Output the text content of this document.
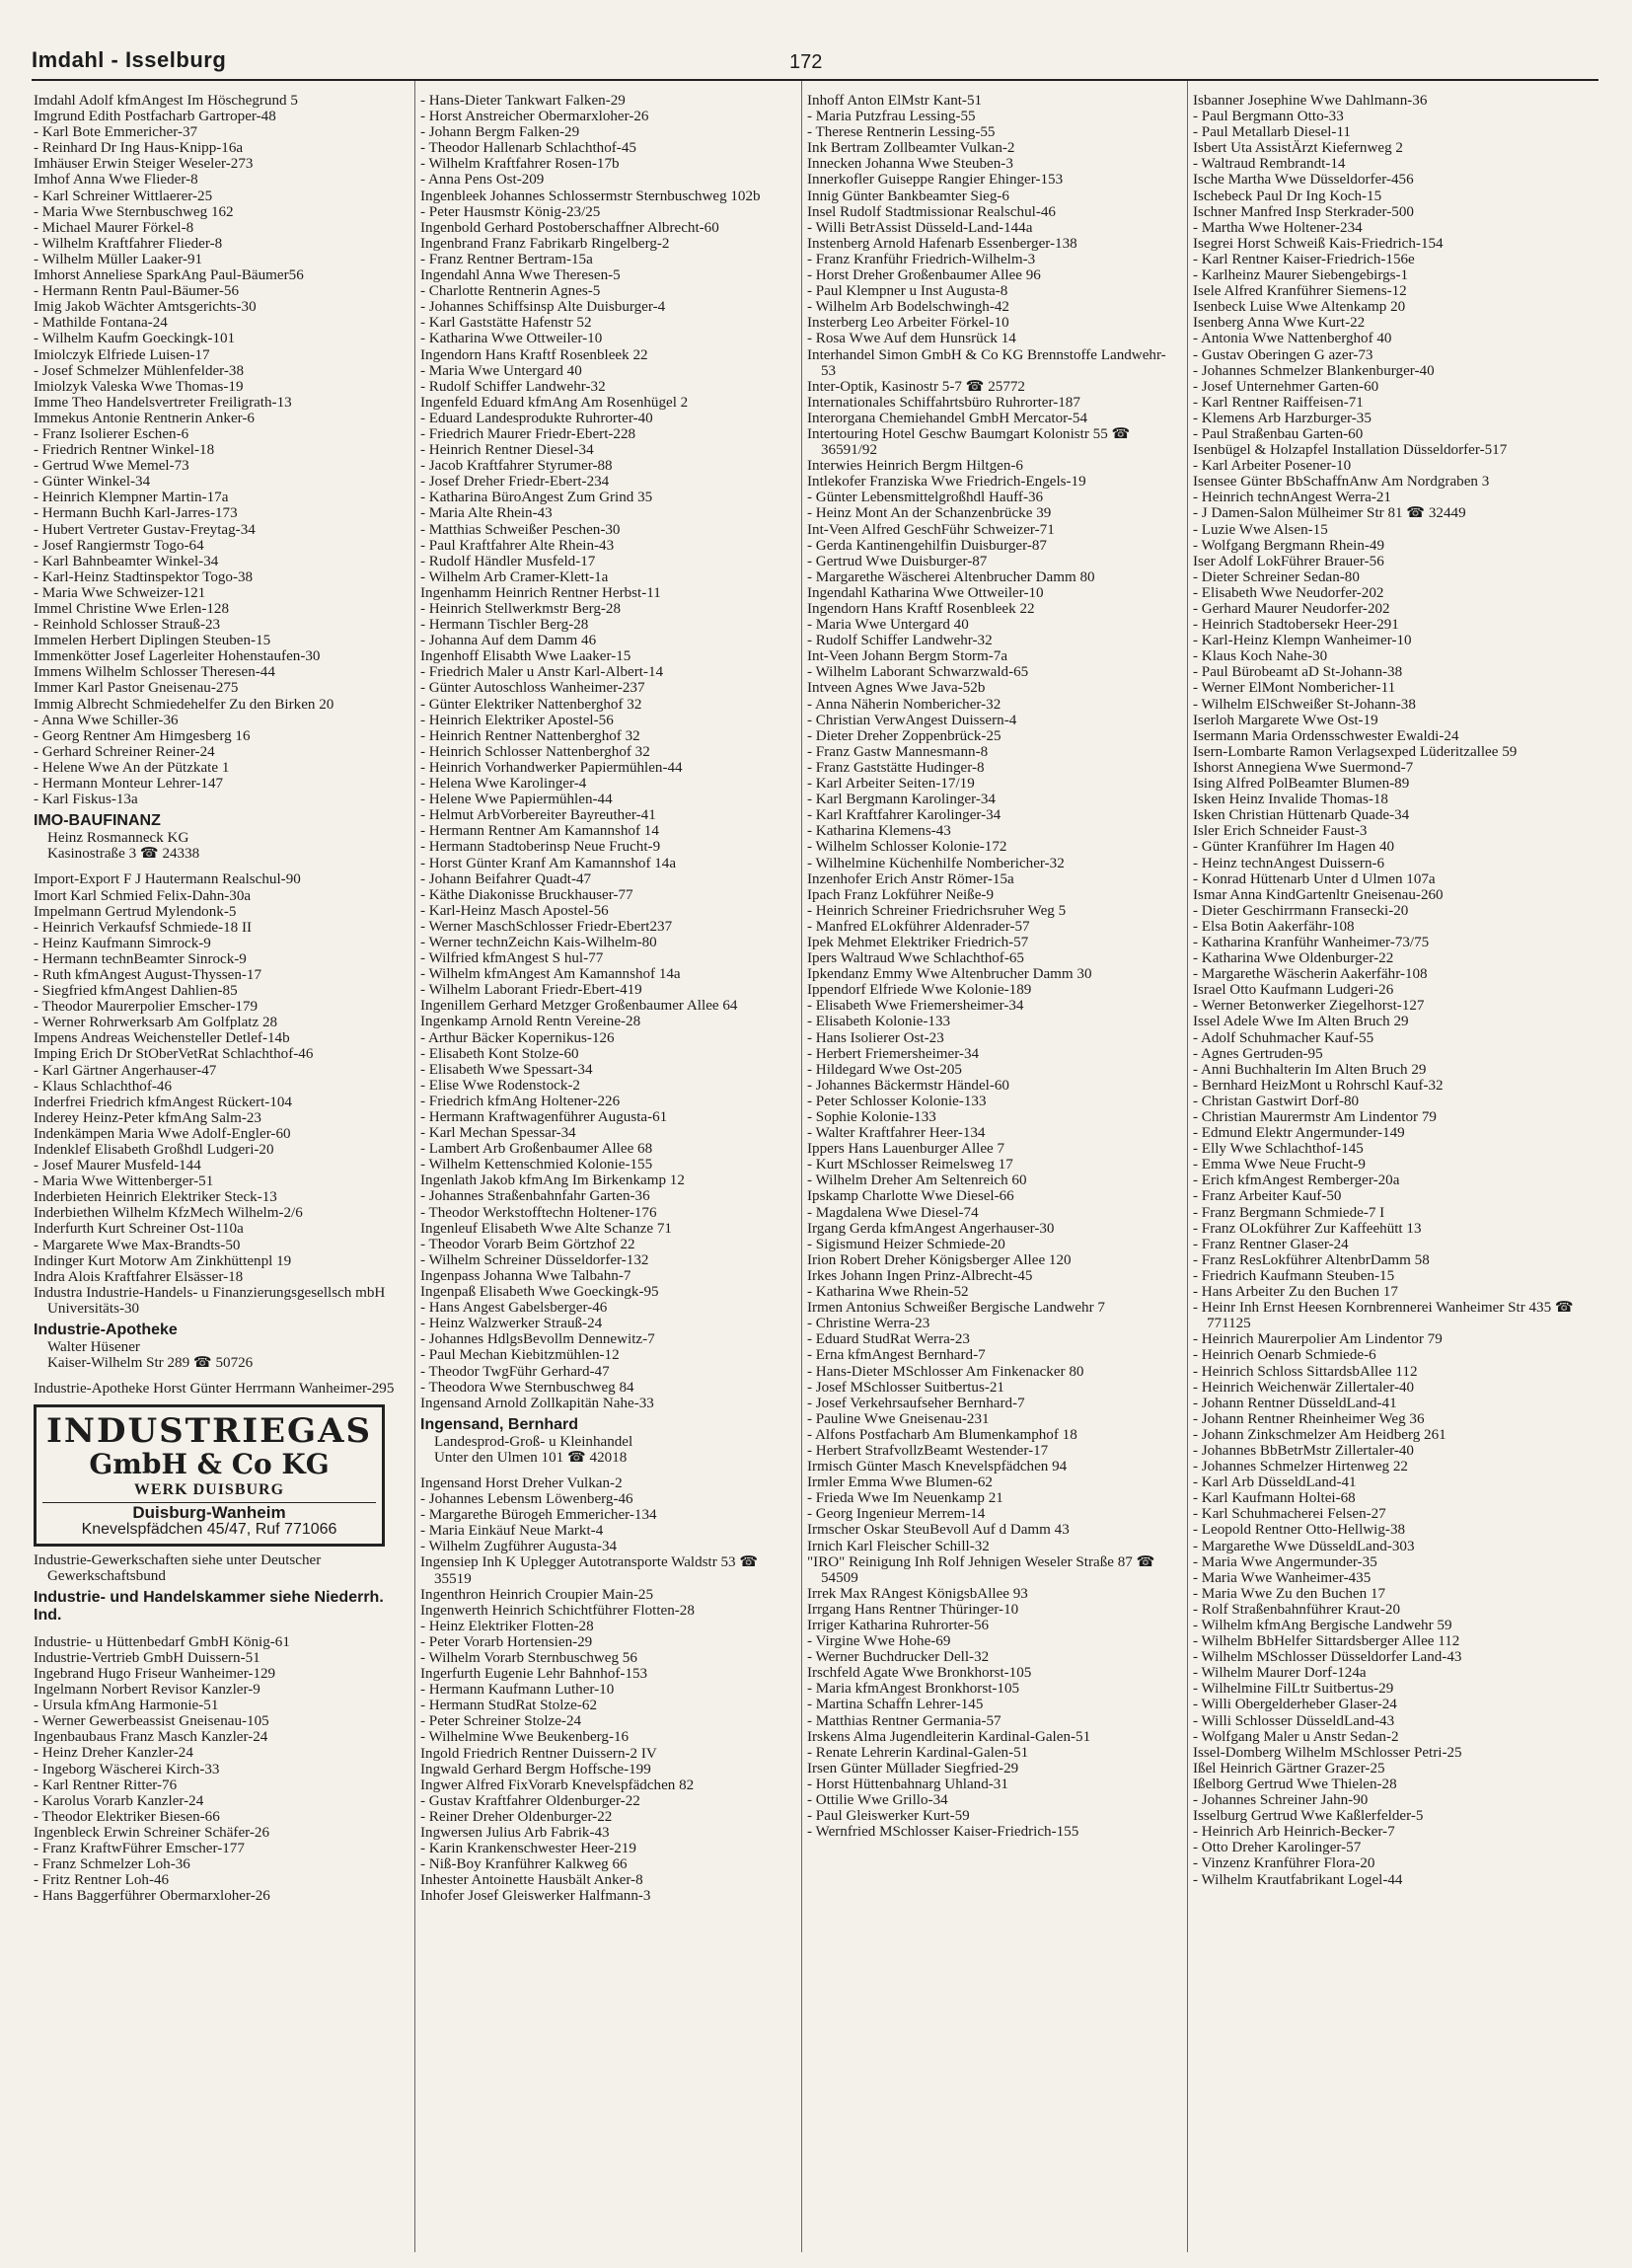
Imdahl - Isselburg	172

Imdahl Adolf kfmAngest Im Höschegrund 5

Imgrund Edith Postfacharb Gartroper-48

- Karl Bote Emmericher-37

- Reinhard Dr Ing Haus-Knipp-16a

Imhäuser Erwin Steiger Weseler-273

Imhof Anna Wwe Flieder-8

- Karl Schreiner Wittlaerer-25

- Maria Wwe Sternbuschweg 162

- Michael Maurer Förkel-8

- Wilhelm Kraftfahrer Flieder-8

- Wilhelm Müller Laaker-91

Imhorst Anneliese SparkAng Paul-Bäumer56

- Hermann Rentn Paul-Bäumer-56

Imig Jakob Wächter Amtsgerichts-30

- Mathilde Fontana-24

- Wilhelm Kaufm Goeckingk-101

Imiolczyk Elfriede Luisen-17

- Josef Schmelzer Mühlenfelder-38

Imiolzyk Valeska Wwe Thomas-19

Imme Theo Handelsvertreter Freiligrath-13

Immekus Antonie Rentnerin Anker-6

- Franz Isolierer Eschen-6

- Friedrich Rentner Winkel-18

- Gertrud Wwe Memel-73

- Günter Winkel-34

- Heinrich Klempner Martin-17a

- Hermann Buchh Karl-Jarres-173

- Hubert Vertreter Gustav-Freytag-34

- Josef Rangiermstr Togo-64

- Karl Bahnbeamter Winkel-34

- Karl-Heinz Stadtinspektor Togo-38

- Maria Wwe Schweizer-121

Immel Christine Wwe Erlen-128

- Reinhold Schlosser Strauß-23

Immelen Herbert Diplingen Steuben-15

Immenkötter Josef Lagerleiter Hohenstaufen-30

Immens Wilhelm Schlosser Theresen-44

Immer Karl Pastor Gneisenau-275

Immig Albrecht Schmiedehelfer Zu den Birken 20

- Anna Wwe Schiller-36

- Georg Rentner Am Himgesberg 16

- Gerhard Schreiner Reiner-24

- Helene Wwe An der Pützkate 1

- Hermann Monteur Lehrer-147

- Karl Fiskus-13a

IMO-BAUFINANZ

Heinz Rosmanneck KG

Kasinostraße 3 ☎ 24338

Import-Export F J Hautermann Realschul-90

Imort Karl Schmied Felix-Dahn-30a

Impelmann Gertrud Mylendonk-5

- Heinrich Verkaufsf Schmiede-18 II

- Heinz Kaufmann Simrock-9

- Hermann technBeamter Sinrock-9

- Ruth kfmAngest August-Thyssen-17

- Siegfried kfmAngest Dahlien-85

- Theodor Maurerpolier Emscher-179

- Werner Rohrwerksarb Am Golfplatz 28

Impens Andreas Weichensteller Detlef-14b

Imping Erich Dr StOberVetRat Schlachthof-46

- Karl Gärtner Angerhauser-47

- Klaus Schlachthof-46

Inderfrei Friedrich kfmAngest Rückert-104

Inderey Heinz-Peter kfmAng Salm-23

Indenkämpen Maria Wwe Adolf-Engler-60

Indenklef Elisabeth Großhdl Ludgeri-20

- Josef Maurer Musfeld-144

- Maria Wwe Wittenberger-51

Inderbieten Heinrich Elektriker Steck-13

Inderbiethen Wilhelm KfzMech Wilhelm-2/6

Inderfurth Kurt Schreiner Ost-110a

- Margarete Wwe Max-Brandts-50

Indinger Kurt Motorw Am Zinkhüttenpl 19

Indra Alois Kraftfahrer Elsässer-18

Industra Industrie-Handels- u Finanzierungsgesellsch mbH Universitäts-30

Industrie-Apotheke

Walter Hüsener

Kaiser-Wilhelm Str 289 ☎ 50726

Industrie-Apotheke Horst Günter Herrmann Wanheimer-295

INDUSTRIEGAS
GmbH & Co KG
WERK DUISBURG
Duisburg-Wanheim
Knevelspfädchen 45/47, Ruf 771066

Industrie-Gewerkschaften siehe unter Deutscher Gewerkschaftsbund

Industrie- und Handelskammer siehe Niederrh. Ind.

Industrie- u Hüttenbedarf GmbH König-61

Industrie-Vertrieb GmbH Duissern-51

Ingebrand Hugo Friseur Wanheimer-129

Ingelmann Norbert Revisor Kanzler-9

- Ursula kfmAng Harmonie-51

- Werner Gewerbeassist Gneisenau-105

Ingenbaubaus Franz Masch Kanzler-24

- Heinz Dreher Kanzler-24

- Ingeborg Wäscherei Kirch-33

- Karl Rentner Ritter-76

- Karolus Vorarb Kanzler-24

- Theodor Elektriker Biesen-66

Ingenbleck Erwin Schreiner Schäfer-26

- Franz KraftwFührer Emscher-177

- Franz Schmelzer Loh-36

- Fritz Rentner Loh-46

- Hans Baggerführer Obermarxloher-26

- Hans-Dieter Tankwart Falken-29

- Horst Anstreicher Obermarxloher-26

- Johann Bergm Falken-29

- Theodor Hallenarb Schlachthof-45

- Wilhelm Kraftfahrer Rosen-17b

- Anna Pens Ost-209

Ingenbleek Johannes Schlossermstr Sternbuschweg 102b

- Peter Hausmstr König-23/25

Ingenbold Gerhard Postoberschaffner Albrecht-60

Ingenbrand Franz Fabrikarb Ringelberg-2

- Franz Rentner Bertram-15a

Ingendahl Anna Wwe Theresen-5

- Charlotte Rentnerin Agnes-5

- Johannes Schiffsinsp Alte Duisburger-4

- Karl Gaststätte Hafenstr 52

- Katharina Wwe Ottweiler-10

Ingendorn Hans Kraftf Rosenbleek 22

- Maria Wwe Untergard 40

- Rudolf Schiffer Landwehr-32

Ingenfeld Eduard kfmAng Am Rosenhügel 2

- Eduard Landesprodukte Ruhrorter-40

- Friedrich Maurer Friedr-Ebert-228

- Heinrich Rentner Diesel-34

- Jacob Kraftfahrer Styrumer-88

- Josef Dreher Friedr-Ebert-234

- Katharina BüroAngest Zum Grind 35

- Maria Alte Rhein-43

- Matthias Schweißer Peschen-30

- Paul Kraftfahrer Alte Rhein-43

- Rudolf Händler Musfeld-17

- Wilhelm Arb Cramer-Klett-1a

Ingenhamm Heinrich Rentner Herbst-11

- Heinrich Stellwerkmstr Berg-28

- Hermann Tischler Berg-28

- Johanna Auf dem Damm 46

Ingenhoff Elisabth Wwe Laaker-15

- Friedrich Maler u Anstr Karl-Albert-14

- Günter Autoschloss Wanheimer-237

- Günter Elektriker Nattenberghof 32

- Heinrich Elektriker Apostel-56

- Heinrich Rentner Nattenberghof 32

- Heinrich Schlosser Nattenberghof 32

- Heinrich Vorhandwerker Papiermühlen-44

- Helena Wwe Karolinger-4

- Helene Wwe Papiermühlen-44

- Helmut ArbVorbereiter Bayreuther-41

- Hermann Rentner Am Kamannshof 14

- Hermann Stadtoberinsp Neue Frucht-9

- Horst Günter Kranf Am Kamannshof 14a

- Johann Beifahrer Quadt-47

- Käthe Diakonisse Bruckhauser-77

- Karl-Heinz Masch Apostel-56

- Werner MaschSchlosser Friedr-Ebert237

- Werner technZeichn Kais-Wilhelm-80

- Wilfried kfmAngest S hul-77

- Wilhelm kfmAngest Am Kamannshof 14a

- Wilhelm Laborant Friedr-Ebert-419

Ingenillem Gerhard Metzger Großenbaumer Allee 64

Ingenkamp Arnold Rentn Vereine-28

- Arthur Bäcker Kopernikus-126

- Elisabeth Kont Stolze-60

- Elisabeth Wwe Spessart-34

- Elise Wwe Rodenstock-2

- Friedrich kfmAng Holtener-226

- Hermann Kraftwagenführer Augusta-61

- Karl Mechan Spessar-34

- Lambert Arb Großenbaumer Allee 68

- Wilhelm Kettenschmied Kolonie-155

Ingenlath Jakob kfmAng Im Birkenkamp 12

- Johannes Straßenbahnfahr Garten-36

- Theodor Werkstofftechn Holtener-176

Ingenleuf Elisabeth Wwe Alte Schanze 71

- Theodor Vorarb Beim Görtzhof 22

- Wilhelm Schreiner Düsseldorfer-132

Ingenpass Johanna Wwe Talbahn-7

Ingenpaß Elisabeth Wwe Goeckingk-95

- Hans Angest Gabelsberger-46

- Heinz Walzwerker Strauß-24

- Johannes HdlgsBevollm Dennewitz-7

- Paul Mechan Kiebitzmühlen-12

- Theodor TwgFühr Gerhard-47

- Theodora Wwe Sternbuschweg 84

Ingensand Arnold Zollkapitän Nahe-33

Ingensand, Bernhard

Landesprod-Groß- u Kleinhandel

Unter den Ulmen 101 ☎ 42018

Ingensand Horst Dreher Vulkan-2

- Johannes Lebensm Löwenberg-46

- Margarethe Bürogeh Emmericher-134

- Maria Einkäuf Neue Markt-4

- Wilhelm Zugführer Augusta-34

Ingensiep Inh K Uplegger Autotransporte Waldstr 53 ☎ 35519

Ingenthron Heinrich Croupier Main-25

Ingenwerth Heinrich Schichtführer Flotten-28

- Heinz Elektriker Flotten-28

- Peter Vorarb Hortensien-29

- Wilhelm Vorarb Sternbuschweg 56

Ingerfurth Eugenie Lehr Bahnhof-153

- Hermann Kaufmann Luther-10

- Hermann StudRat Stolze-62

- Peter Schreiner Stolze-24

- Wilhelmine Wwe Beukenberg-16

Ingold Friedrich Rentner Duissern-2 IV

Ingwald Gerhard Bergm Hoffsche-199

Ingwer Alfred FixVorarb Knevelspfädchen 82

- Gustav Kraftfahrer Oldenburger-22

- Reiner Dreher Oldenburger-22

Ingwersen Julius Arb Fabrik-43

- Karin Krankenschwester Heer-219

- Niß-Boy Kranführer Kalkweg 66

Inhester Antoinette Hausbält Anker-8

Inhofer Josef Gleiswerker Halfmann-3

Inhoff Anton ElMstr Kant-51

- Maria Putzfrau Lessing-55

- Therese Rentnerin Lessing-55

Ink Bertram Zollbeamter Vulkan-2

Innecken Johanna Wwe Steuben-3

Innerkofler Guiseppe Rangier Ehinger-153

Innig Günter Bankbeamter Sieg-6

Insel Rudolf Stadtmissionar Realschul-46

- Willi BetrAssist Düsseld-Land-144a

Instenberg Arnold Hafenarb Essenberger-138

- Franz Kranführ Friedrich-Wilhelm-3

- Horst Dreher Großenbaumer Allee 96

- Paul Klempner u Inst Augusta-8

- Wilhelm Arb Bodelschwingh-42

Insterberg Leo Arbeiter Förkel-10

- Rosa Wwe Auf dem Hunsrück 14

Interhandel Simon GmbH & Co KG Brennstoffe Landwehr-53

Inter-Optik, Kasinostr 5-7 ☎ 25772

Internationales Schiffahrtsbüro Ruhrorter-187

Interorgana Chemiehandel GmbH Mercator-54

Intertouring Hotel Geschw Baumgart Kolonistr 55 ☎ 36591/92

Interwies Heinrich Bergm Hiltgen-6

Intlekofer Franziska Wwe Friedrich-Engels-19

- Günter Lebensmittelgroßhdl Hauff-36

- Heinz Mont An der Schanzenbrücke 39

Int-Veen Alfred GeschFühr Schweizer-71

- Gerda Kantinengehilfin Duisburger-87

- Gertrud Wwe Duisburger-87

- Margarethe Wäscherei Altenbrucher Damm 80

Ingendahl Katharina Wwe Ottweiler-10

Ingendorn Hans Kraftf Rosenbleek 22

- Maria Wwe Untergard 40

- Rudolf Schiffer Landwehr-32

Int-Veen Johann Bergm Storm-7a

- Wilhelm Laborant Schwarzwald-65

Intveen Agnes Wwe Java-52b

- Anna Näherin Nombericher-32

- Christian VerwAngest Duissern-4

- Dieter Dreher Zoppenbrück-25

- Franz Gastw Mannesmann-8

- Franz Gaststätte Hudinger-8

- Karl Arbeiter Seiten-17/19

- Karl Bergmann Karolinger-34

- Karl Kraftfahrer Karolinger-34

- Katharina Klemens-43

- Wilhelm Schlosser Kolonie-172

- Wilhelmine Küchenhilfe Nombericher-32

Inzenhofer Erich Anstr Römer-15a

Ipach Franz Lokführer Neiße-9

- Heinrich Schreiner Friedrichsruher Weg 5

- Manfred ELokführer Aldenrader-57

Ipek Mehmet Elektriker Friedrich-57

Ipers Waltraud Wwe Schlachthof-65

Ipkendanz Emmy Wwe Altenbrucher Damm 30

Ippendorf Elfriede Wwe Kolonie-189

- Elisabeth Wwe Friemersheimer-34

- Elisabeth Kolonie-133

- Hans Isolierer Ost-23

- Herbert Friemersheimer-34

- Hildegard Wwe Ost-205

- Johannes Bäckermstr Händel-60

- Peter Schlosser Kolonie-133

- Sophie Kolonie-133

- Walter Kraftfahrer Heer-134

Ippers Hans Lauenburger Allee 7

- Kurt MSchlosser Reimelsweg 17

- Wilhelm Dreher Am Seltenreich 60

Ipskamp Charlotte Wwe Diesel-66

- Magdalena Wwe Diesel-74

Irgang Gerda kfmAngest Angerhauser-30

- Sigismund Heizer Schmiede-20

Irion Robert Dreher Königsberger Allee 120

Irkes Johann Ingen Prinz-Albrecht-45

- Katharina Wwe Rhein-52

Irmen Antonius Schweißer Bergische Landwehr 7

- Christine Werra-23

- Eduard StudRat Werra-23

- Erna kfmAngest Bernhard-7

- Hans-Dieter MSchlosser Am Finkenacker 80

- Josef MSchlosser Suitbertus-21

- Josef Verkehrsaufseher Bernhard-7

- Pauline Wwe Gneisenau-231

- Alfons Postfacharb Am Blumenkamphof 18

- Herbert StrafvollzBeamt Westender-17

Irmisch Günter Masch Knevelspfädchen 94

Irmler Emma Wwe Blumen-62

- Frieda Wwe Im Neuenkamp 21

- Georg Ingenieur Merrem-14

Irmscher Oskar SteuBevoll Auf d Damm 43

Irnich Karl Fleischer Schill-32

"IRO" Reinigung Inh Rolf Jehnigen Weseler Straße 87 ☎ 54509

Irrek Max RAngest KönigsbAllee 93

Irrgang Hans Rentner Thüringer-10

Irriger Katharina Ruhrorter-56

- Virgine Wwe Hohe-69

- Werner Buchdrucker Dell-32

Irschfeld Agate Wwe Bronkhorst-105

- Maria kfmAngest Bronkhorst-105

- Martina Schaffn Lehrer-145

- Matthias Rentner Germania-57

Irskens Alma Jugendleiterin Kardinal-Galen-51

- Renate Lehrerin Kardinal-Galen-51

Irsen Günter Müllader Siegfried-29

- Horst Hüttenbahnarg Uhland-31

- Ottilie Wwe Grillo-34

- Paul Gleiswerker Kurt-59

- Wernfried MSchlosser Kaiser-Friedrich-155

Isbanner Josephine Wwe Dahlmann-36

- Paul Bergmann Otto-33

- Paul Metallarb Diesel-11

Isbert Uta AssistÄrzt Kiefernweg 2

- Waltraud Rembrandt-14

Ische Martha Wwe Düsseldorfer-456

Ischebeck Paul Dr Ing Koch-15

Ischner Manfred Insp Sterkrader-500

- Martha Wwe Holtener-234

Isegrei Horst Schweiß Kais-Friedrich-154

- Karl Rentner Kaiser-Friedrich-156e

- Karlheinz Maurer Siebengebirgs-1

Isele Alfred Kranführer Siemens-12

Isenbeck Luise Wwe Altenkamp 20

Isenberg Anna Wwe Kurt-22

- Antonia Wwe Nattenberghof 40

- Gustav Oberingen G azer-73

- Johannes Schmelzer Blankenburger-40

- Josef Unternehmer Garten-60

- Karl Rentner Raiffeisen-71

- Klemens Arb Harzburger-35

- Paul Straßenbau Garten-60

Isenbügel & Holzapfel Installation Düsseldorfer-517

- Karl Arbeiter Posener-10

Isensee Günter BbSchaffnAnw Am Nordgraben 3

- Heinrich technAngest Werra-21

- J Damen-Salon Mülheimer Str 81 ☎ 32449

- Luzie Wwe Alsen-15

- Wolfgang Bergmann Rhein-49

Iser Adolf LokFührer Brauer-56

- Dieter Schreiner Sedan-80

- Elisabeth Wwe Neudorfer-202

- Gerhard Maurer Neudorfer-202

- Heinrich Stadtobersekr Heer-291

- Karl-Heinz Klempn Wanheimer-10

- Klaus Koch Nahe-30

- Paul Bürobeamt aD St-Johann-38

- Werner ElMont Nombericher-11

- Wilhelm ElSchweißer St-Johann-38

Iserloh Margarete Wwe Ost-19

Isermann Maria Ordensschwester Ewaldi-24

Isern-Lombarte Ramon Verlagsexped Lüderitzallee 59

Ishorst Annegiena Wwe Suermond-7

Ising Alfred PolBeamter Blumen-89

Isken Heinz Invalide Thomas-18

Isken Christian Hüttenarb Quade-34

Isler Erich Schneider Faust-3

- Günter Kranführer Im Hagen 40

- Heinz technAngest Duissern-6

- Konrad Hüttenarb Unter d Ulmen 107a

Ismar Anna KindGartenltr Gneisenau-260

- Dieter Geschirrmann Fransecki-20

- Elsa Botin Aakerfähr-108

- Katharina Kranführ Wanheimer-73/75

- Katharina Wwe Oldenburger-22

- Margarethe Wäscherin Aakerfähr-108

Israel Otto Kaufmann Ludgeri-26

- Werner Betonwerker Ziegelhorst-127

Issel Adele Wwe Im Alten Bruch 29

- Adolf Schuhmacher Kauf-55

- Agnes Gertruden-95

- Anni Buchhalterin Im Alten Bruch 29

- Bernhard HeizMont u Rohrschl Kauf-32

- Christan Gastwirt Dorf-80

- Christian Maurermstr Am Lindentor 79

- Edmund Elektr Angermunder-149

- Elly Wwe Schlachthof-145

- Emma Wwe Neue Frucht-9

- Erich kfmAngest Remberger-20a

- Franz Arbeiter Kauf-50

- Franz Bergmann Schmiede-7 I

- Franz OLokführer Zur Kaffeehütt 13

- Franz Rentner Glaser-24

- Franz ResLokführer AltenbrDamm 58

- Friedrich Kaufmann Steuben-15

- Hans Arbeiter Zu den Buchen 17

- Heinr Inh Ernst Heesen Kornbrennerei Wanheimer Str 435 ☎ 771125

- Heinrich Maurerpolier Am Lindentor 79

- Heinrich Oenarb Schmiede-6

- Heinrich Schloss SittardsbAllee 112

- Heinrich Weichenwär Zillertaler-40

- Johann Rentner DüsseldLand-41

- Johann Rentner Rheinheimer Weg 36

- Johann Zinkschmelzer Am Heidberg 261

- Johannes BbBetrMstr Zillertaler-40

- Johannes Schmelzer Hirtenweg 22

- Karl Arb DüsseldLand-41

- Karl Kaufmann Holtei-68

- Karl Schuhmacherei Felsen-27

- Leopold Rentner Otto-Hellwig-38

- Margarethe Wwe DüsseldLand-303

- Maria Wwe Angermunder-35

- Maria Wwe Wanheimer-435

- Maria Wwe Zu den Buchen 17

- Rolf Straßenbahnführer Kraut-20

- Wilhelm kfmAng Bergische Landwehr 59

- Wilhelm BbHelfer Sittardsberger Allee 112

- Wilhelm MSchlosser Düsseldorfer Land-43

- Wilhelm Maurer Dorf-124a

- Wilhelmine FilLtr Suitbertus-29

- Willi Obergelderheber Glaser-24

- Willi Schlosser DüsseldLand-43

- Wolfgang Maler u Anstr Sedan-2

Issel-Domberg Wilhelm MSchlosser Petri-25

Ißel Heinrich Gärtner Grazer-25

Ißelborg Gertrud Wwe Thielen-28

- Johannes Schreiner Jahn-90

Isselburg Gertrud Wwe Kaßlerfelder-5

- Heinrich Arb Heinrich-Becker-7

- Otto Dreher Karolinger-57

- Vinzenz Kranführer Flora-20

- Wilhelm Krautfabrikant Logel-44
